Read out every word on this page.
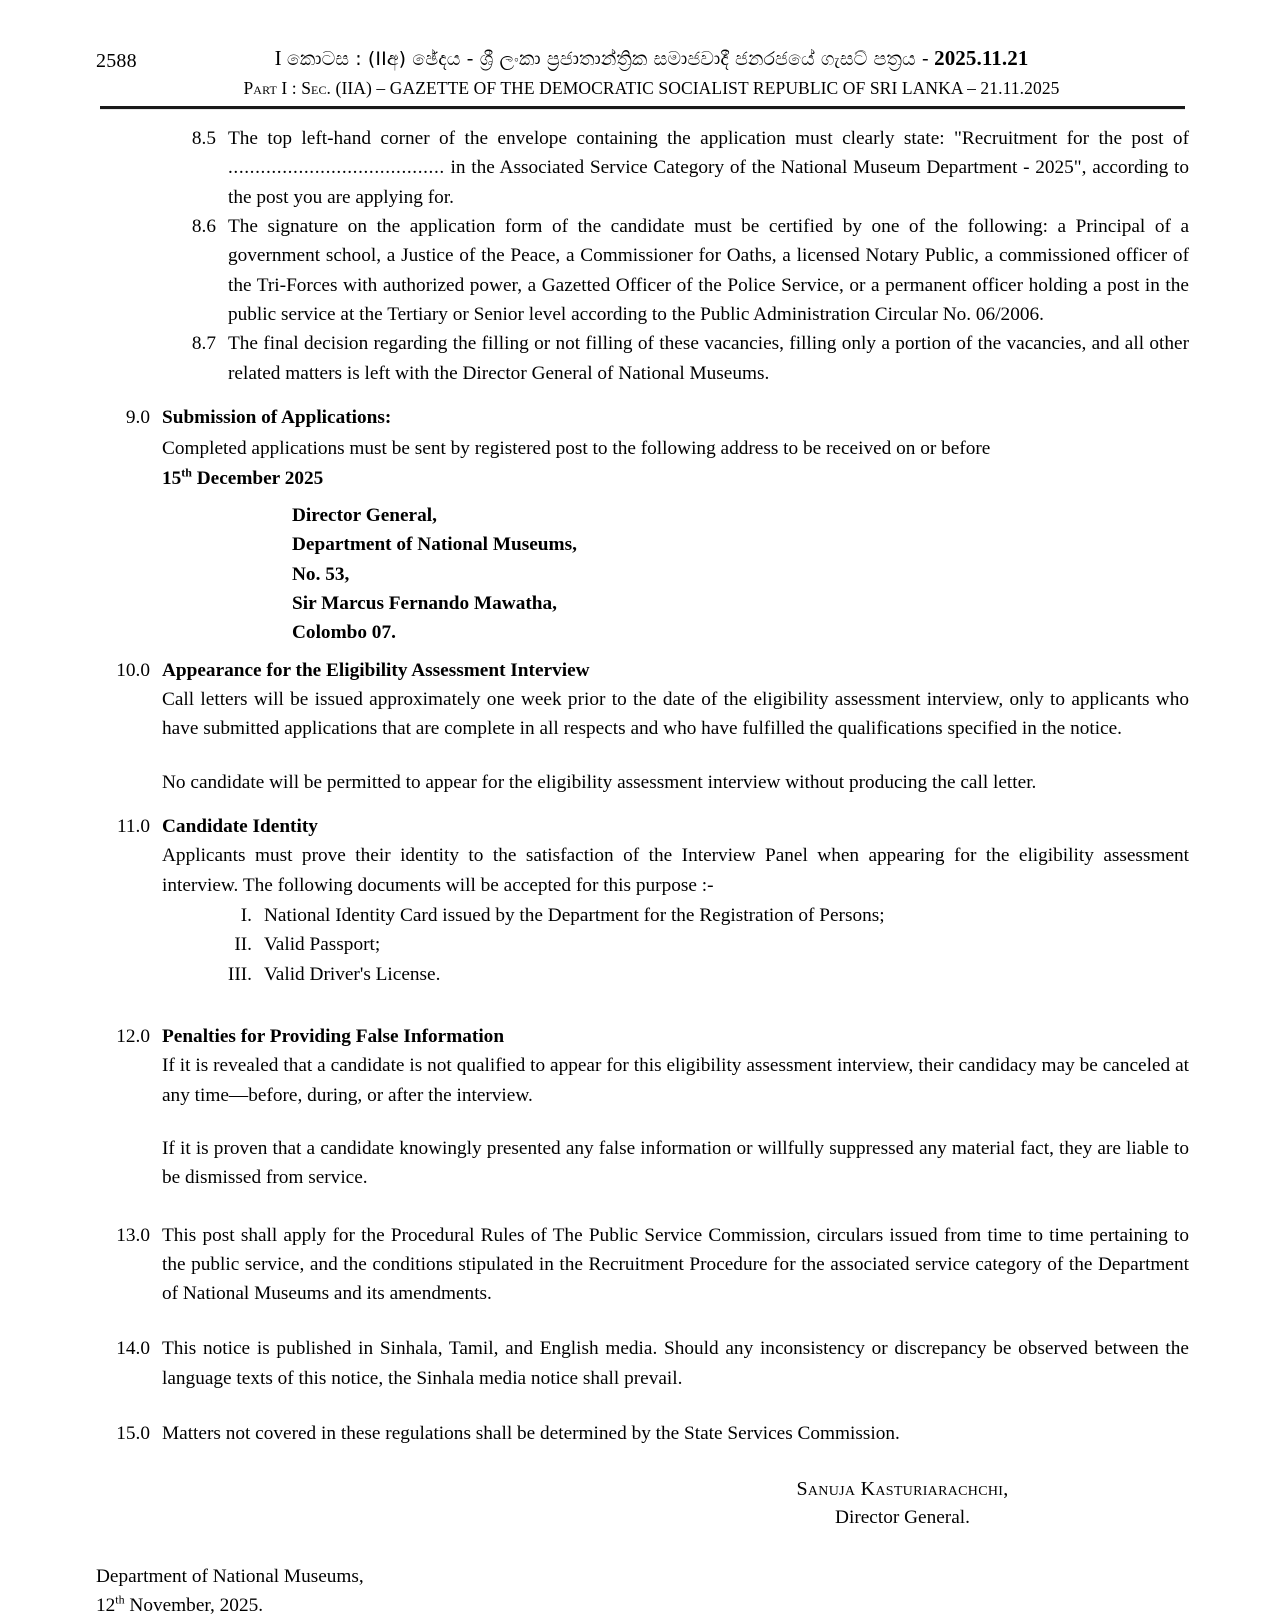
2588	I කොටස : (IIඅ) ඡේදය - ශ්‍රී ලංකා ප්‍රජාතාන්ත්‍රික සමාජවාදී ජනරජයේ ගැසට් පත්‍රය - 2025.11.21
Part I : Sec. (IIA) – GAZETTE OF THE DEMOCRATIC SOCIALIST REPUBLIC OF SRI LANKA – 21.11.2025
8.5 The top left-hand corner of the envelope containing the application must clearly state: "Recruitment for the post of ........................................ in the Associated Service Category of the National Museum Department - 2025", according to the post you are applying for.
8.6 The signature on the application form of the candidate must be certified by one of the following: a Principal of a government school, a Justice of the Peace, a Commissioner for Oaths, a licensed Notary Public, a commissioned officer of the Tri-Forces with authorized power, a Gazetted Officer of the Police Service, or a permanent officer holding a post in the public service at the Tertiary or Senior level according to the Public Administration Circular No. 06/2006.
8.7 The final decision regarding the filling or not filling of these vacancies, filling only a portion of the vacancies, and all other related matters is left with the Director General of National Museums.
9.0 Submission of Applications:
Completed applications must be sent by registered post to the following address to be received on or before
15th December 2025
Director General,
Department of National Museums,
No. 53,
Sir Marcus Fernando Mawatha,
Colombo 07.
10.0 Appearance for the Eligibility Assessment Interview
Call letters will be issued approximately one week prior to the date of the eligibility assessment interview, only to applicants who have submitted applications that are complete in all respects and who have fulfilled the qualifications specified in the notice.
No candidate will be permitted to appear for the eligibility assessment interview without producing the call letter.
11.0 Candidate Identity
Applicants must prove their identity to the satisfaction of the Interview Panel when appearing for the eligibility assessment interview. The following documents will be accepted for this purpose :-
I. National Identity Card issued by the Department for the Registration of Persons;
II. Valid Passport;
III. Valid Driver's License.
12.0 Penalties for Providing False Information
If it is revealed that a candidate is not qualified to appear for this eligibility assessment interview, their candidacy may be canceled at any time—before, during, or after the interview.
If it is proven that a candidate knowingly presented any false information or willfully suppressed any material fact, they are liable to be dismissed from service.
13.0 This post shall apply for the Procedural Rules of The Public Service Commission, circulars issued from time to time pertaining to the public service, and the conditions stipulated in the Recruitment Procedure for the associated service category of the Department of National Museums and its amendments.
14.0 This notice is published in Sinhala, Tamil, and English media. Should any inconsistency or discrepancy be observed between the language texts of this notice, the Sinhala media notice shall prevail.
15.0 Matters not covered in these regulations shall be determined by the State Services Commission.
Sanuja Kasturiarachchi,
Director General.
Department of National Museums,
12th November, 2025.
